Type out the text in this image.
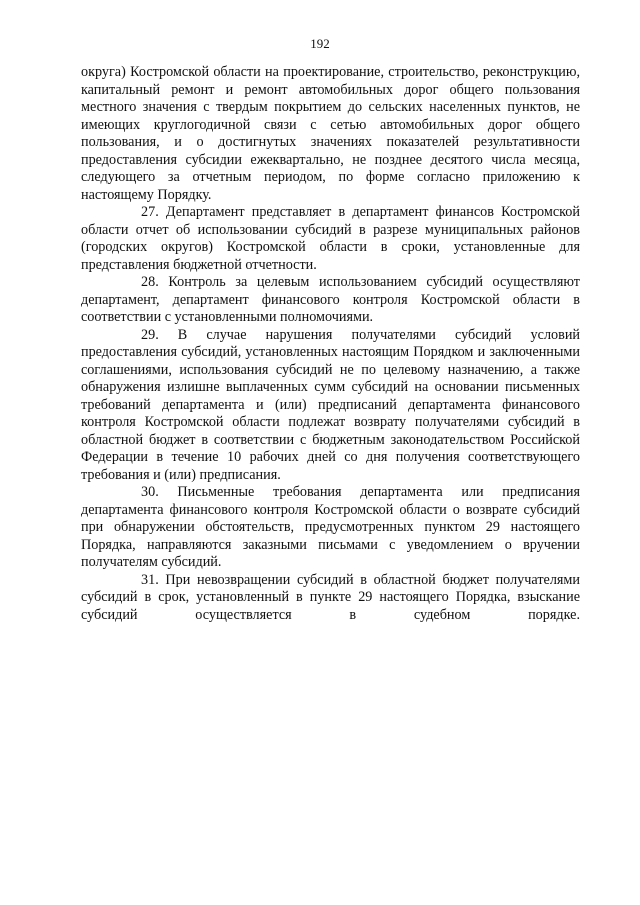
192

округа) Костромской области на проектирование, строительство, реконструкцию, капитальный ремонт и ремонт автомобильных дорог общего пользования местного значения с твердым покрытием до сельских населенных пунктов, не имеющих круглогодичной связи с сетью автомобильных дорог общего пользования, и о достигнутых значениях показателей результативности предоставления субсидии ежеквартально, не позднее десятого числа месяца, следующего за отчетным периодом, по форме согласно приложению к настоящему Порядку.

27. Департамент представляет в департамент финансов Костромской области отчет об использовании субсидий в разрезе муниципальных районов (городских округов) Костромской области в сроки, установленные для представления бюджетной отчетности.

28. Контроль за целевым использованием субсидий осуществляют департамент, департамент финансового контроля Костромской области в соответствии с установленными полномочиями.

29. В случае нарушения получателями субсидий условий предоставления субсидий, установленных настоящим Порядком и заключенными соглашениями, использования субсидий не по целевому назначению, а также обнаружения излишне выплаченных сумм субсидий на основании письменных требований департамента и (или) предписаний департамента финансового контроля Костромской области подлежат возврату получателями субсидий в областной бюджет в соответствии с бюджетным законодательством Российской Федерации в течение 10 рабочих дней со дня получения соответствующего требования и (или) предписания.

30. Письменные требования департамента или предписания департамента финансового контроля Костромской области о возврате субсидий при обнаружении обстоятельств, предусмотренных пунктом 29 настоящего Порядка, направляются заказными письмами с уведомлением о вручении получателям субсидий.

31. При невозвращении субсидий в областной бюджет получателями субсидий в срок, установленный в пункте 29 настоящего Порядка, взыскание субсидий осуществляется в судебном порядке.
